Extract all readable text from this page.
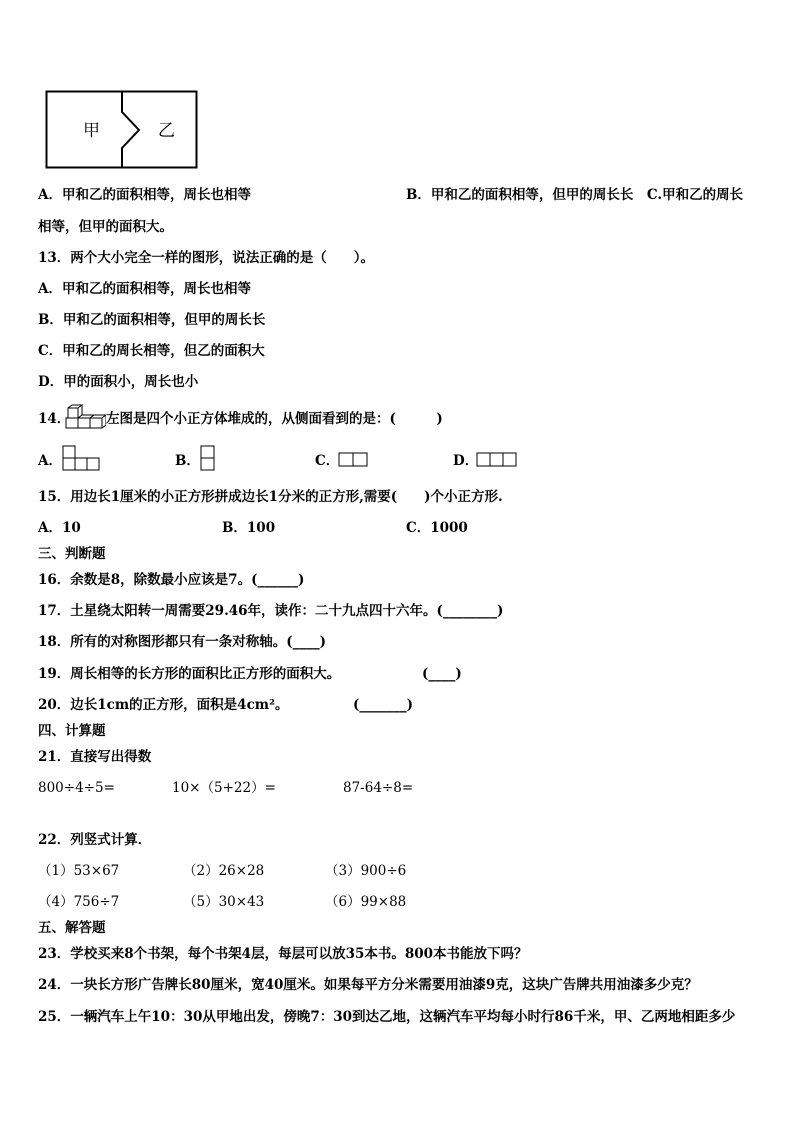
甲	乙
A．甲和乙的面积相等，周长也相等	B．甲和乙的面积相等，但甲的周长长　C.甲和乙的周长
相等，但甲的面积大。
13．两个大小完全一样的图形，说法正确的是（　　）。
A．甲和乙的面积相等，周长也相等
B．甲和乙的面积相等，但甲的周长长
C．甲和乙的周长相等，但乙的面积大
D．甲的面积小，周长也小
14．	左图是四个小正方体堆成的，从侧面看到的是：(　　　)
A．	B．	C．	D．
15．用边长1厘米的小正方形拼成边长1分米的正方形,需要(　　)个小正方形.
A．10	B．100	C．1000
三、判断题
16．余数是8，除数最小应该是7。(______)
17．土星绕太阳转一周需要29.46年，读作：二十九点四十六年。(________)
18．所有的对称图形都只有一条对称轴。(____)
19．周长相等的长方形的面积比正方形的面积大。	(____)
20．边长1cm的正方形，面积是4cm²。	(_______)
四、计算题
21．直接写出得数
800÷4÷5=	10×（5+22）=	87-64÷8=
22．列竖式计算．
（1）53×67	（2）26×28	（3）900÷6
（4）756÷7	（5）30×43	（6）99×88
五、解答题
23．学校买来8个书架，每个书架4层，每层可以放35本书。800本书能放下吗？
24．一块长方形广告牌长80厘米，宽40厘米。如果每平方分米需要用油漆9克，这块广告牌共用油漆多少克？
25．一辆汽车上午10：30从甲地出发，傍晚7：30到达乙地，这辆汽车平均每小时行86千米，甲、乙两地相距多少
